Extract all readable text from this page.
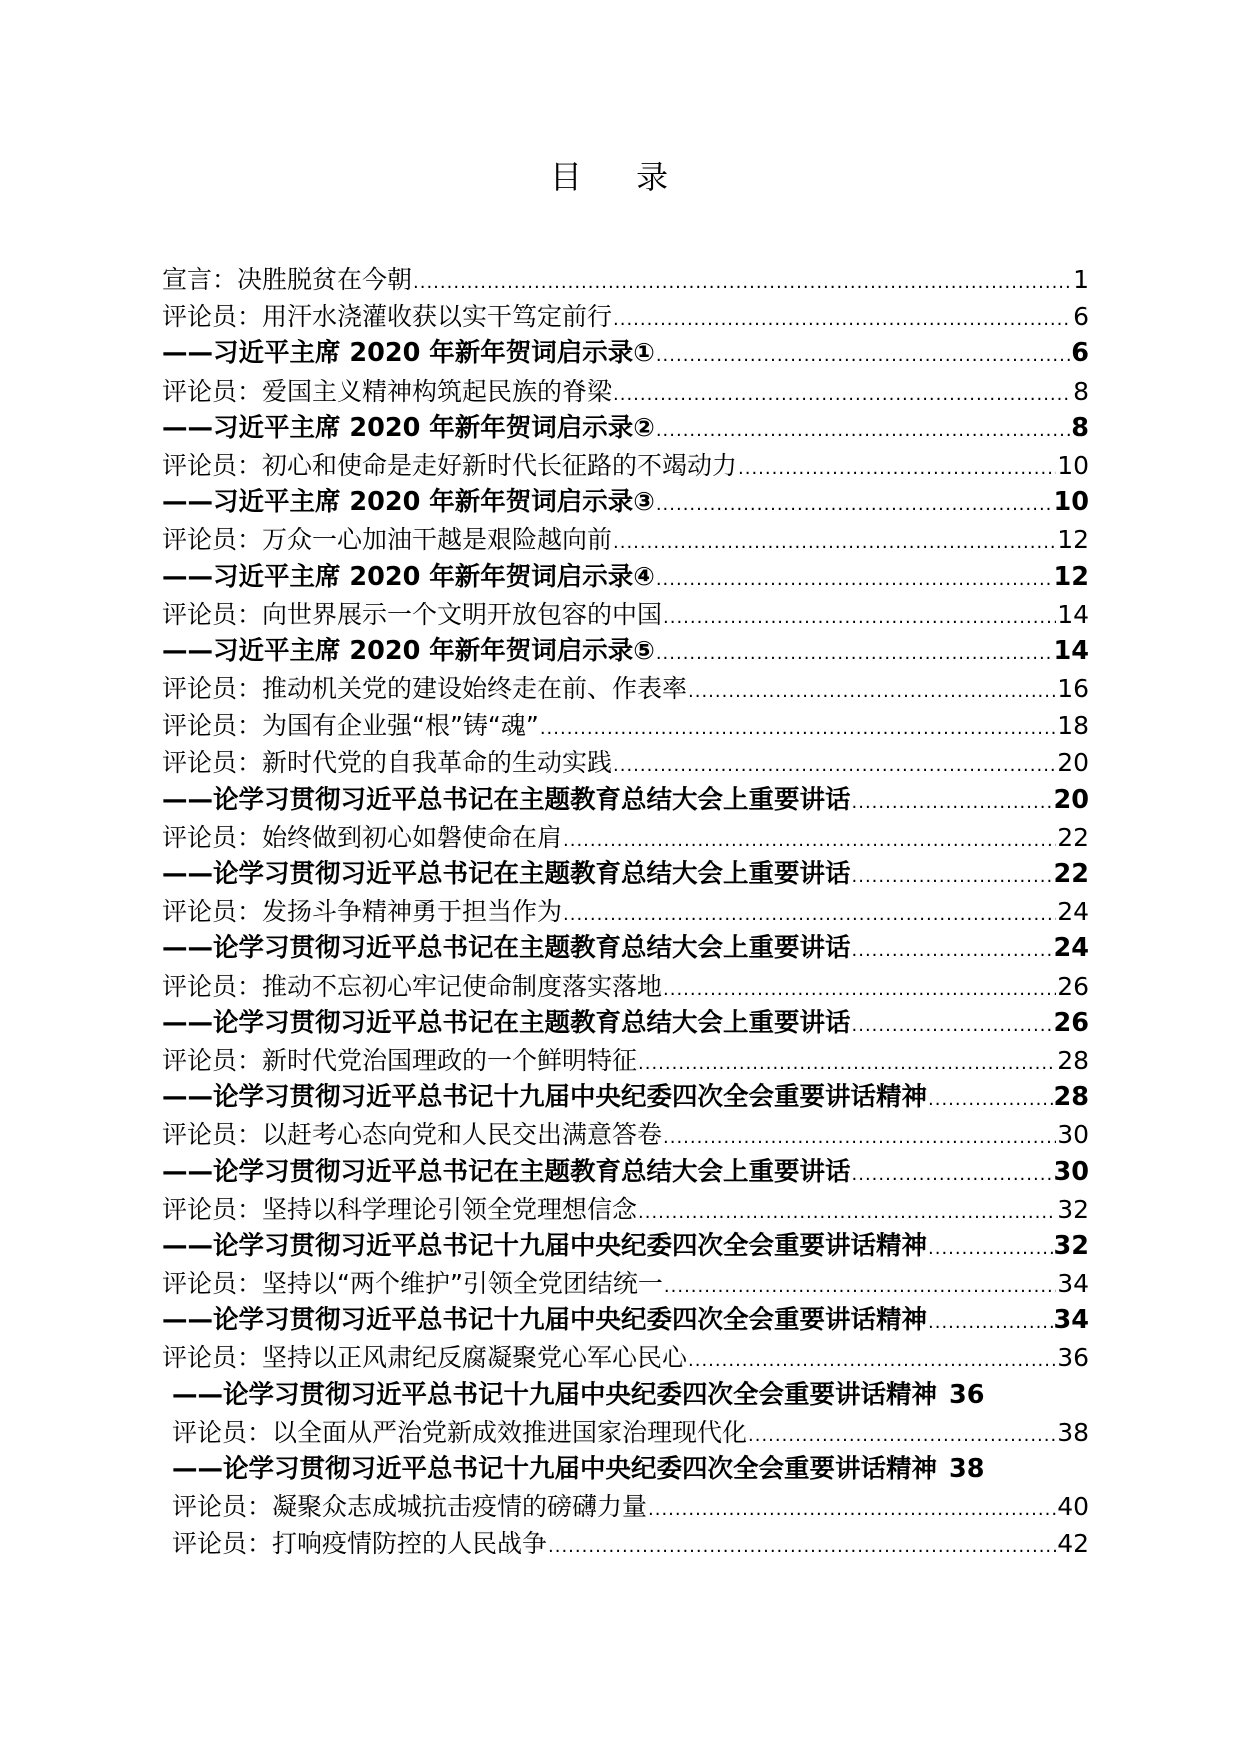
目 录
宣言：决胜脱贫在今朝 .....	1
评论员：用汗水浇灌收获以实干笃定前行 .....	6
——习近平主席 2020 年新年贺词启示录① .....	6
评论员：爱国主义精神构筑起民族的脊梁 .....	8
——习近平主席 2020 年新年贺词启示录② .....	8
评论员：初心和使命是走好新时代长征路的不竭动力 .....	10
——习近平主席 2020 年新年贺词启示录③ .....	10
评论员：万众一心加油干越是艰险越向前 .....	12
——习近平主席 2020 年新年贺词启示录④ .....	12
评论员：向世界展示一个文明开放包容的中国 .....	14
——习近平主席 2020 年新年贺词启示录⑤ .....	14
评论员：推动机关党的建设始终走在前、作表率 .....	16
评论员：为国有企业强“根”铸“魂” .....	18
评论员：新时代党的自我革命的生动实践 .....	20
——论学习贯彻习近平总书记在主题教育总结大会上重要讲话 .....	20
评论员：始终做到初心如磐使命在肩 .....	22
——论学习贯彻习近平总书记在主题教育总结大会上重要讲话 .....	22
评论员：发扬斗争精神勇于担当作为 .....	24
——论学习贯彻习近平总书记在主题教育总结大会上重要讲话 .....	24
评论员：推动不忘初心牢记使命制度落实落地 .....	26
——论学习贯彻习近平总书记在主题教育总结大会上重要讲话 .....	26
评论员：新时代党治国理政的一个鲜明特征 .....	28
——论学习贯彻习近平总书记十九届中央纪委四次全会重要讲话精神 .....	28
评论员：以赶考心态向党和人民交出满意答卷 .....	30
——论学习贯彻习近平总书记在主题教育总结大会上重要讲话 .....	30
评论员：坚持以科学理论引领全党理想信念 .....	32
——论学习贯彻习近平总书记十九届中央纪委四次全会重要讲话精神 .....	32
评论员：坚持以“两个维护”引领全党团结统一 .....	34
——论学习贯彻习近平总书记十九届中央纪委四次全会重要讲话精神 .....	34
评论员：坚持以正风肃纪反腐凝聚党心军心民心 .....	36
——论学习贯彻习近平总书记十九届中央纪委四次全会重要讲话精神 36
评论员：以全面从严治党新成效推进国家治理现代化 .....	38
——论学习贯彻习近平总书记十九届中央纪委四次全会重要讲话精神 38
评论员：凝聚众志成城抗击疫情的磅礴力量 .....	40
评论员：打响疫情防控的人民战争 .....	42
